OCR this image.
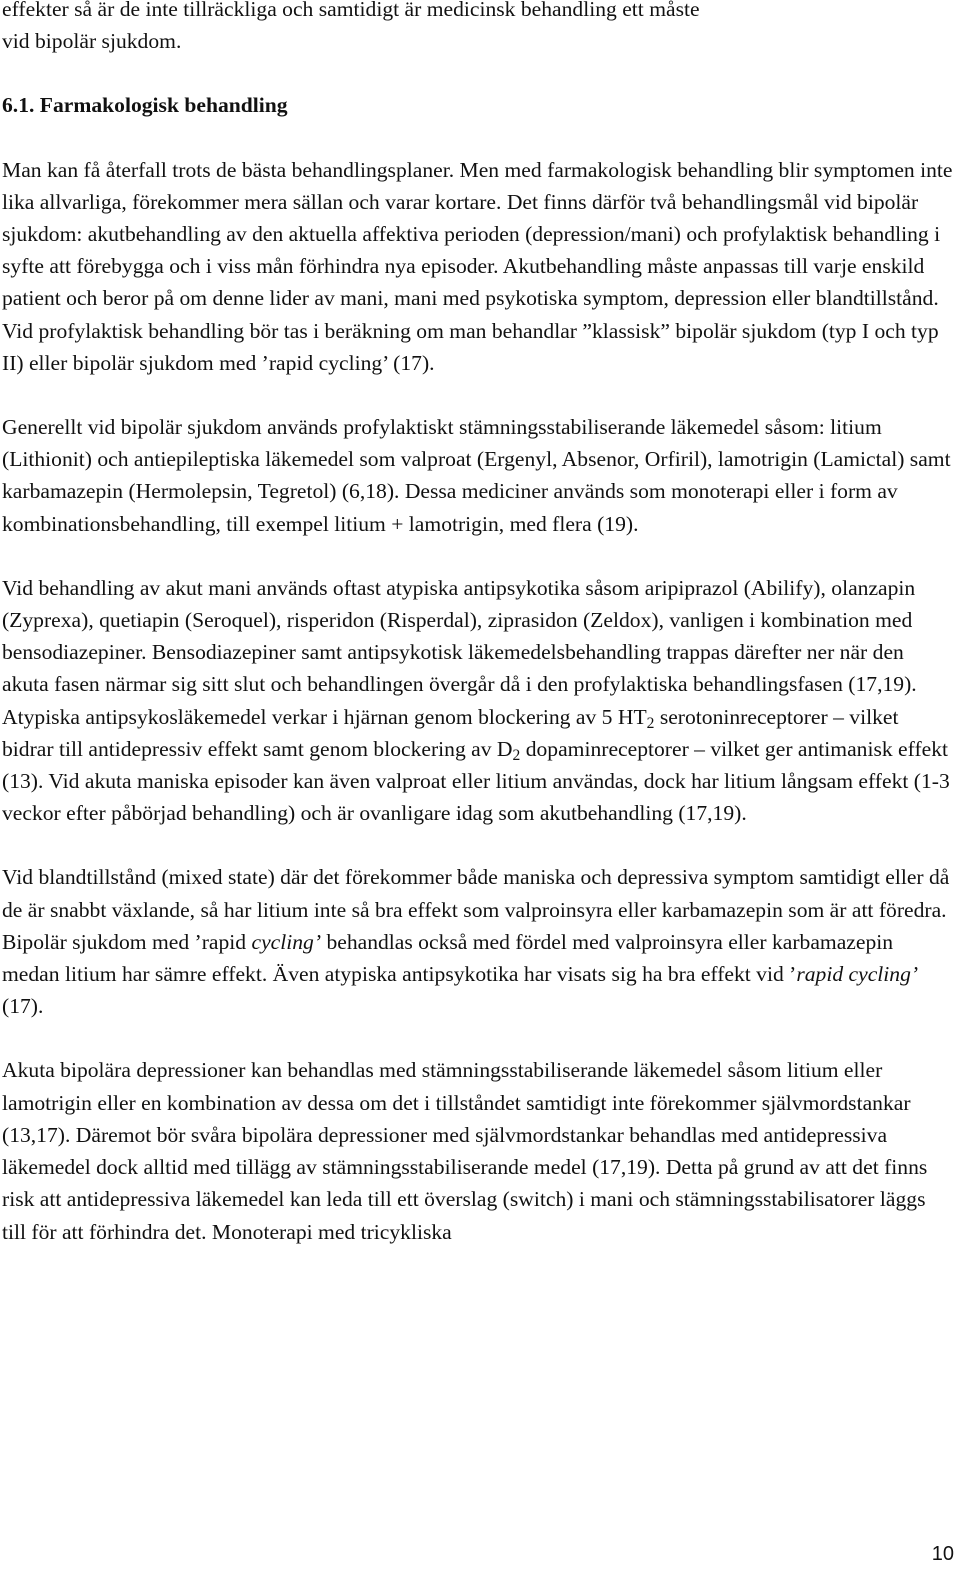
effekter så är de inte tillräckliga och samtidigt är medicinsk behandling ett måste
vid bipolär sjukdom.

6.1. Farmakologisk behandling

Man kan få återfall trots de bästa behandlingsplaner. Men med farmakologisk behandling blir symptomen inte lika allvarliga, förekommer mera sällan och varar kortare. Det finns därför två behandlingsmål vid bipolär sjukdom: akutbehandling av den aktuella affektiva perioden (depression/mani) och profylaktisk behandling i syfte att förebygga och i viss mån förhindra nya episoder. Akutbehandling måste anpassas till varje enskild patient och beror på om denne lider av mani, mani med psykotiska symptom, depression eller blandtillstånd. Vid profylaktisk behandling bör tas i beräkning om man behandlar ”klassisk” bipolär sjukdom (typ I och typ II) eller bipolär sjukdom med ’rapid cycling’ (17).

Generellt vid bipolär sjukdom används profylaktiskt stämningsstabiliserande läkemedel såsom: litium (Lithionit) och antiepileptiska läkemedel som valproat (Ergenyl, Absenor, Orfiril), lamotrigin (Lamictal) samt karbamazepin (Hermolepsin, Tegretol) (6,18). Dessa mediciner används som monoterapi eller i form av kombinationsbehandling, till exempel litium + lamotrigin, med flera (19).

Vid behandling av akut mani används oftast atypiska antipsykotika såsom aripiprazol (Abilify), olanzapin (Zyprexa), quetiapin (Seroquel), risperidon (Risperdal), ziprasidon (Zeldox), vanligen i kombination med bensodiazepiner. Bensodiazepiner samt antipsykotisk läkemedelsbehandling trappas därefter ner när den akuta fasen närmar sig sitt slut och behandlingen övergår då i den profylaktiska behandlingsfasen (17,19). Atypiska antipsykosläkemedel verkar i hjärnan genom blockering av 5 $HT_2$ serotoninreceptorer – vilket bidrar till antidepressiv effekt samt genom blockering av $D_2$ dopaminreceptorer – vilket ger antimanisk effekt (13). Vid akuta maniska episoder kan även valproat eller litium användas, dock har litium långsam effekt (1-3 veckor efter påbörjad behandling) och är ovanligare idag som akutbehandling (17,19).

Vid blandtillstånd (mixed state) där det förekommer både maniska och depressiva symptom samtidigt eller då de är snabbt växlande, så har litium inte så bra effekt som valproinsyra eller karbamazepin som är att föredra. Bipolär sjukdom med ’rapid cycling’ behandlas också med fördel med valproinsyra eller karbamazepin medan litium har sämre effekt. Även atypiska antipsykotika har visats sig ha bra effekt vid ’rapid cycling’ (17).

Akuta bipolära depressioner kan behandlas med stämningsstabiliserande läkemedel såsom litium eller lamotrigin eller en kombination av dessa om det i tillståndet samtidigt inte förekommer självmordstankar (13,17). Däremot bör svåra bipolära depressioner med självmordstankar behandlas med antidepressiva läkemedel dock alltid med tillägg av stämningsstabiliserande medel (17,19). Detta på grund av att det finns risk att antidepressiva läkemedel kan leda till ett överslag (switch) i mani och stämningsstabilisatorer läggs till för att förhindra det. Monoterapi med tricykliska

10
